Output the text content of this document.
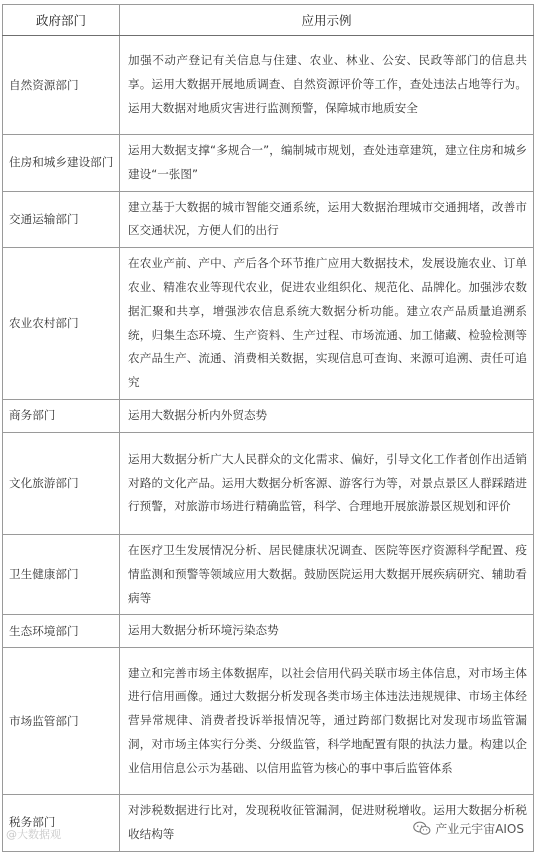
政府部门	应用示例
自然资源部门	加强不动产登记有关信息与住建、农业、林业、公安、民政等部门的信息共享。运用大数据开展地质调查、自然资源评价等工作，查处违法占地等行为。运用大数据对地质灾害进行监测预警，保障城市地质安全
住房和城乡建设部门	运用大数据支撑“多规合一”，编制城市规划，查处违章建筑，建立住房和城乡建设“一张图”
交通运输部门	建立基于大数据的城市智能交通系统，运用大数据治理城市交通拥堵，改善市区交通状况，方便人们的出行
农业农村部门	在农业产前、产中、产后各个环节推广应用大数据技术，发展设施农业、订单农业、精准农业等现代农业，促进农业组织化、规范化、品牌化。加强涉农数据汇聚和共享，增强涉农信息系统大数据分析功能。建立农产品质量追溯系统，归集生态环境、生产资料、生产过程、市场流通、加工储藏、检验检测等农产品生产、流通、消费相关数据，实现信息可查询、来源可追溯、责任可追究
商务部门	运用大数据分析内外贸态势
文化旅游部门	运用大数据分析广大人民群众的文化需求、偏好，引导文化工作者创作出适销对路的文化产品。运用大数据分析客源、游客行为等，对景点景区人群踩踏进行预警，对旅游市场进行精确监管，科学、合理地开展旅游景区规划和评价
卫生健康部门	在医疗卫生发展情况分析、居民健康状况调查、医院等医疗资源科学配置、疫情监测和预警等领域应用大数据。鼓励医院运用大数据开展疾病研究、辅助看病等
生态环境部门	运用大数据分析环境污染态势
市场监管部门	建立和完善市场主体数据库，以社会信用代码关联市场主体信息，对市场主体进行信用画像。通过大数据分析发现各类市场主体违法违规规律、市场主体经营异常规律、消费者投诉举报情况等，通过跨部门数据比对发现市场监管漏洞，对市场主体实行分类、分级监管，科学地配置有限的执法力量。构建以企业信用信息公示为基础、以信用监管为核心的事中事后监管体系
税务部门	对涉税数据进行比对，发现税收征管漏洞，促进财税增收。运用大数据分析税收结构等
@大数据观	产业元宇宙AIOS
